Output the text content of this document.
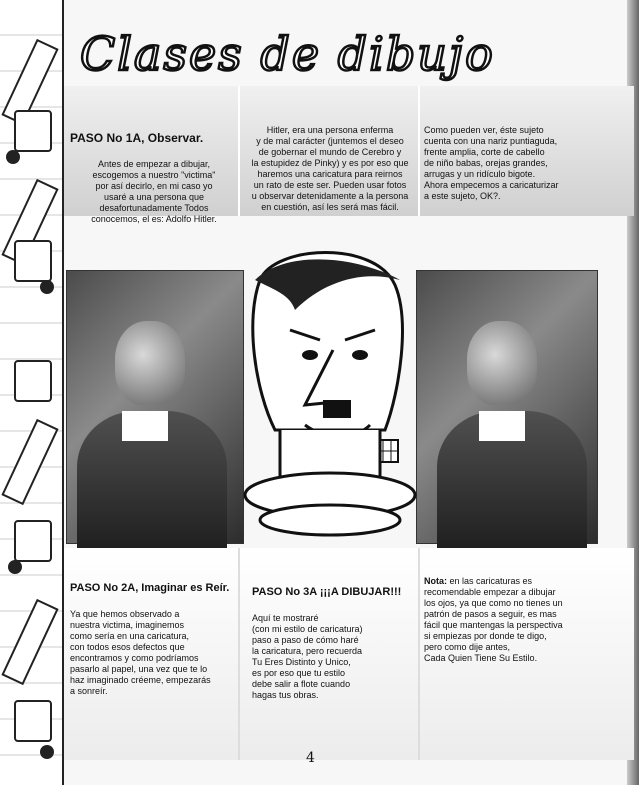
Clases de dibujo

PASO No 1A, Observar.

Antes de empezar a dibujar,
escogemos a nuestro "victima"
por así decirlo, en mi caso yo
usaré a una persona que
desafortunadamente Todos
conocemos, el es: Adolfo Hitler.

Hitler, era una persona enferma
y de mal carácter (juntemos el deseo
de gobernar el mundo de Cerebro y
la estupidez de Pinky) y es por eso que
haremos una caricatura para reirnos
un rato de este ser. Pueden usar fotos
u observar detenidamente a la persona
en cuestión, así les será mas fácil.
Como pueden ver, éste sujeto
cuenta con una nariz puntiaguda,
frente amplia, corte de cabello
de niño babas, orejas grandes,
arrugas y un ridículo bigote.
Ahora empecemos a caricaturizar
a este sujeto, OK?.

PASO No 2A, Imaginar es Reír.

Ya que hemos observado a
nuestra victima, imaginemos
como sería en una caricatura,
con todos esos defectos que
encontramos y como podríamos
pasarlo al papel, una vez que te lo
haz imaginado créeme, empezarás
a sonreír.

PASO No 3A ¡¡¡A DIBUJAR!!!

Aquí te mostraré
(con mi estilo de caricatura)
paso a paso de cómo haré
la caricatura, pero recuerda
Tu Eres Distinto y Unico,
es por eso que tu estilo
debe salir a flote cuando
hagas tus obras.

Nota: en las caricaturas es
recomendable empezar a dibujar
los ojos, ya que como no tienes un
patrón de pasos a seguir, es mas
fácil que mantengas la perspectiva
si empiezas por donde te digo,
pero como dije antes,
Cada Quien Tiene Su Estilo.
4
